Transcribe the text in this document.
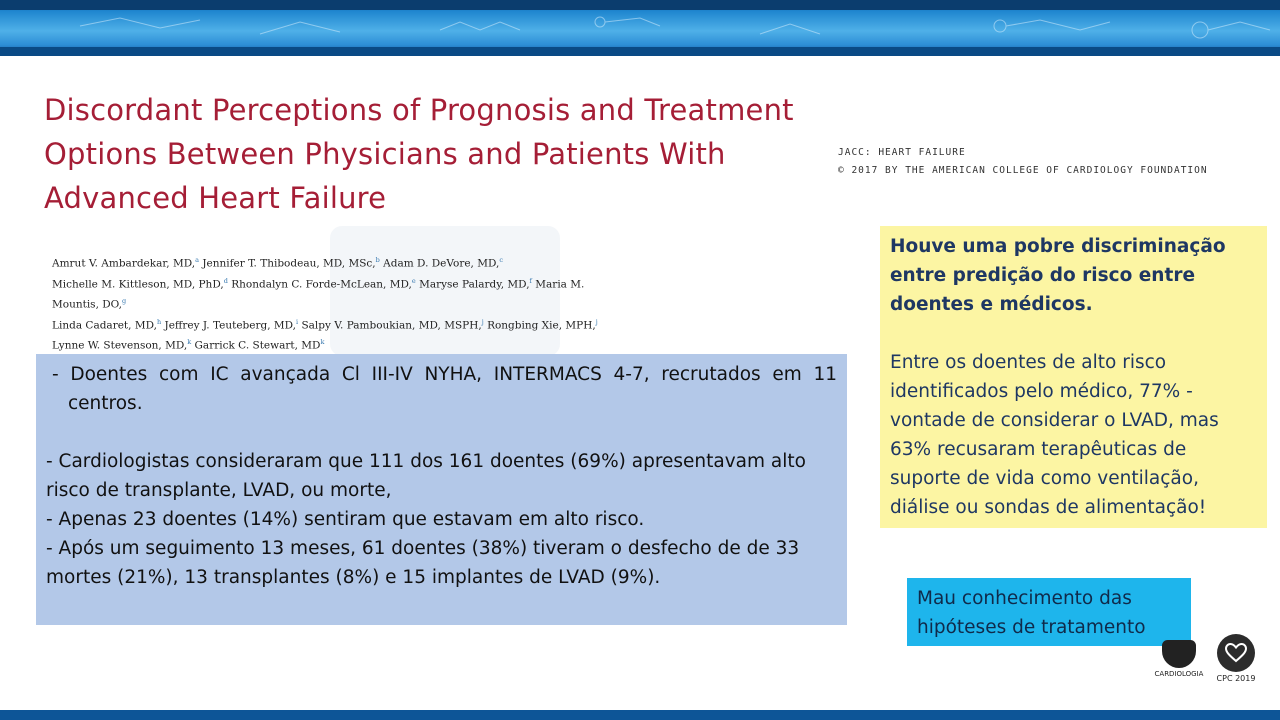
Discordant Perceptions of Prognosis and Treatment Options Between Physicians and Patients With Advanced Heart Failure
JACC: HEART FAILURE
© 2017 BY THE AMERICAN COLLEGE OF CARDIOLOGY FOUNDATION
Amrut V. Ambardekar, MD,$^a$ Jennifer T. Thibodeau, MD, MSc,$^b$ Adam D. DeVore, MD,$^c$
Michelle M. Kittleson, MD, PhD,$^d$ Rhondalyn C. Forde-McLean, MD,$^e$ Maryse Palardy, MD,$^f$ Maria M. Mountis, DO,$^g$
Linda Cadaret, MD,$^h$ Jeffrey J. Teuteberg, MD,$^i$ Salpy V. Pamboukian, MD, MSPH,$^j$ Rongbing Xie, MPH,$^j$
Lynne W. Stevenson, MD,$^k$ Garrick C. Stewart, $MD^k$

- Doentes com IC avançada Cl III-IV NYHA, INTERMACS 4-7, recrutados em 11 centros.

- Cardiologistas consideraram que 111 dos 161 doentes (69%) apresentavam alto risco de transplante, LVAD, ou morte,

- Apenas 23 doentes (14%) sentiram que estavam em alto risco.

- Após um seguimento 13 meses, 61 doentes (38%) tiveram o desfecho de de 33 mortes (21%), 13 transplantes (8%) e 15 implantes de LVAD (9%).

Houve uma pobre discriminação entre predição do risco entre doentes e médicos.

Entre os doentes de alto risco identificados pelo médico, 77% - vontade de considerar o LVAD, mas 63% recusaram terapêuticas de suporte de vida como ventilação, diálise ou sondas de alimentação!

Mau conhecimento das hipóteses de tratamento
CARDIOLOGIA	CPC 2019
